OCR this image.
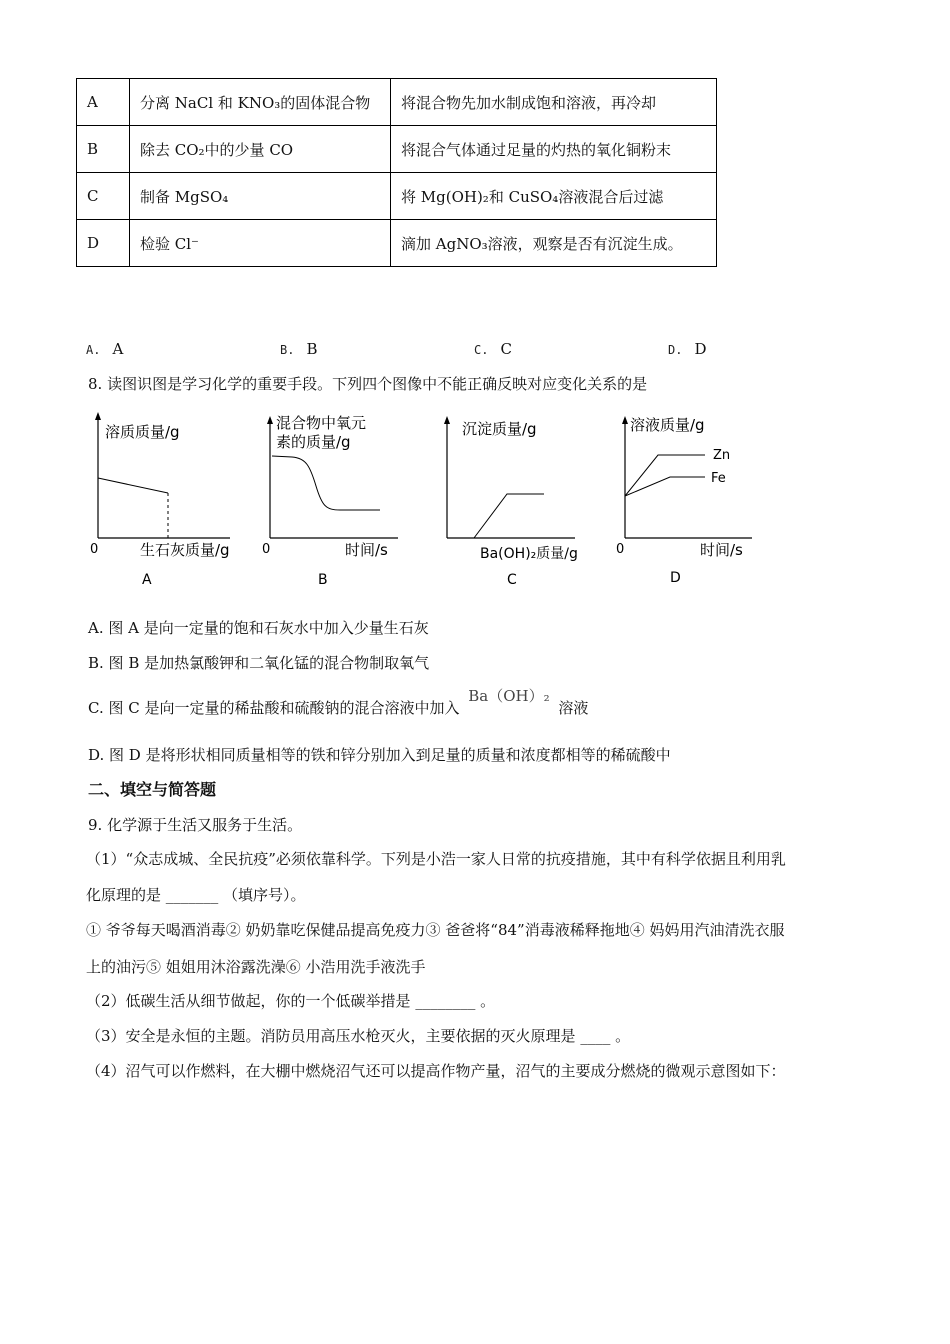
A	分离 NaCl 和 KNO₃的固体混合物	将混合物先加水制成饱和溶液，再冷却
B	除去 CO₂中的少量 CO	将混合气体通过足量的灼热的氧化铜粉末
C	制备 MgSO₄	将 Mg(OH)₂和 CuSO₄溶液混合后过滤
D	检验 Cl⁻	滴加 AgNO₃溶液，观察是否有沉淀生成。
A. A	B. B	C. C	D. D
8. 读图识图是学习化学的重要手段。下列四个图像中不能正确反映对应变化关系的是
溶质质量/g
0	生石灰质量/g
A
混合物中氧元
素的质量/g
0	时间/s
B
沉淀质量/g
Ba(OH)₂质量/g
C
溶液质量/g
Zn
Fe
0	时间/s
D
A. 图 A 是向一定量的饱和石灰水中加入少量生石灰
B. 图 B 是加热氯酸钾和二氧化锰的混合物制取氧气
C. 图 C 是向一定量的稀盐酸和硫酸钠的混合溶液中加入 Ba（OH）₂ 溶液
D. 图 D 是将形状相同质量相等的铁和锌分别加入到足量的质量和浓度都相等的稀硫酸中
二、填空与简答题
9. 化学源于生活又服务于生活。
（1）“众志成城、全民抗疫”必须依靠科学。下列是小浩一家人日常的抗疫措施，其中有科学依据且利用乳
化原理的是 _______ （填序号）。
① 爷爷每天喝酒消毒② 奶奶靠吃保健品提高免疫力③ 爸爸将“84”消毒液稀释拖地④ 妈妈用汽油清洗衣服
上的油污⑤ 姐姐用沐浴露洗澡⑥ 小浩用洗手液洗手
（2）低碳生活从细节做起，你的一个低碳举措是 ________ 。
（3）安全是永恒的主题。消防员用高压水枪灭火，主要依据的灭火原理是 ____ 。
（4）沼气可以作燃料，在大棚中燃烧沼气还可以提高作物产量，沼气的主要成分燃烧的微观示意图如下：
